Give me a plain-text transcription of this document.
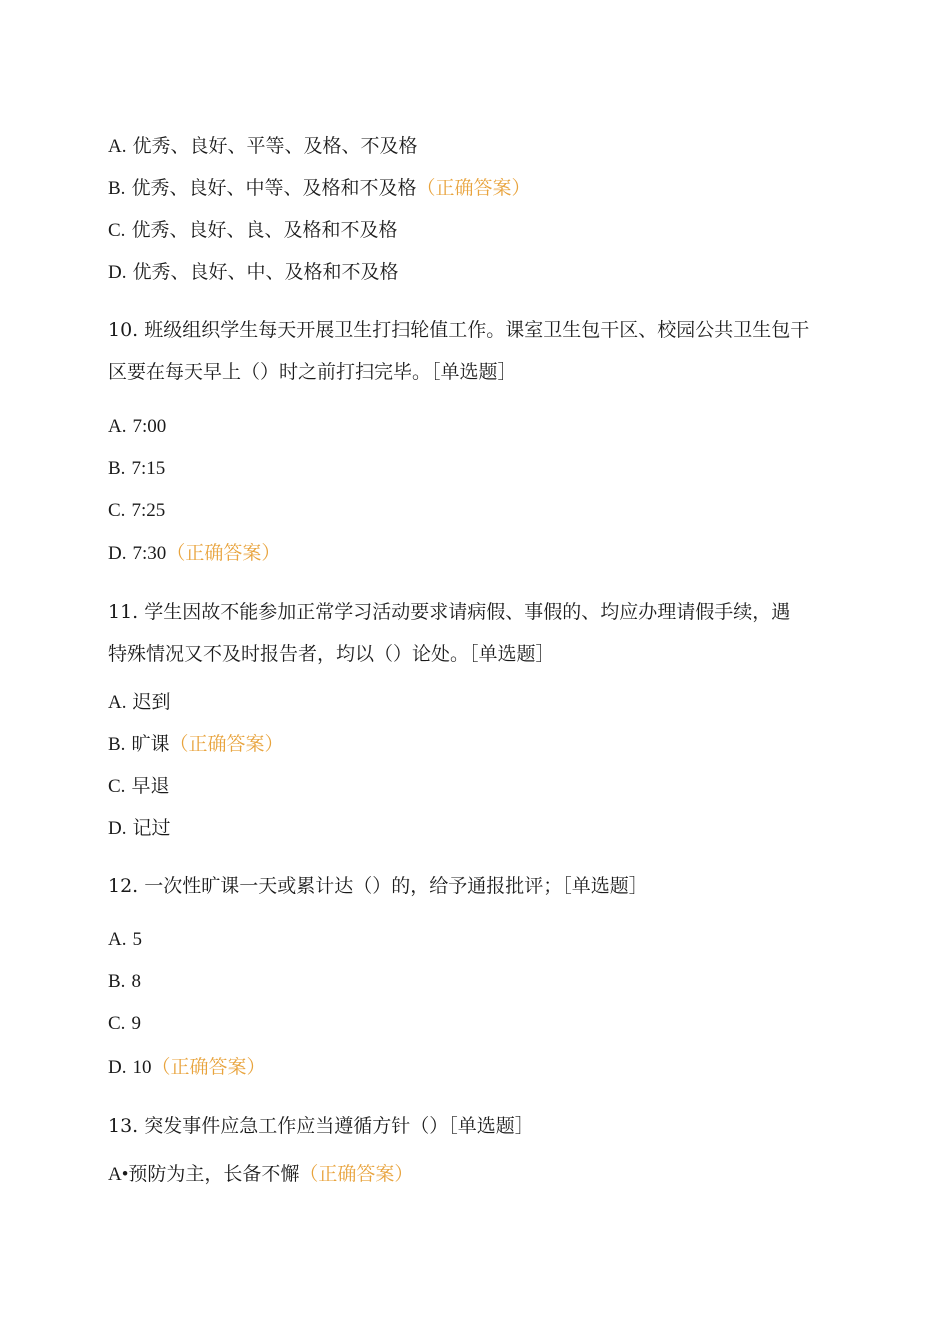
A. 优秀、良好、平等、及格、不及格
B. 优秀、良好、中等、及格和不及格（正确答案）
C. 优秀、良好、良、及格和不及格
D. 优秀、良好、中、及格和不及格
10. 班级组织学生每天开展卫生打扫轮值工作。课室卫生包干区、校园公共卫生包干
区要在每天早上（）时之前打扫完毕。［单选题］
A. 7:00
B. 7:15
C. 7:25
D. 7:30（正确答案）
11. 学生因故不能参加正常学习活动要求请病假、事假的、均应办理请假手续，遇
特殊情况又不及时报告者，均以（）论处。［单选题］
A. 迟到
B. 旷课（正确答案）
C. 早退
D. 记过
12. 一次性旷课一天或累计达（）的，给予通报批评；［单选题］
A. 5
B. 8
C. 9
D. 10（正确答案）
13. 突发事件应急工作应当遵循方针（）［单选题］
A•预防为主，长备不懈（正确答案）
